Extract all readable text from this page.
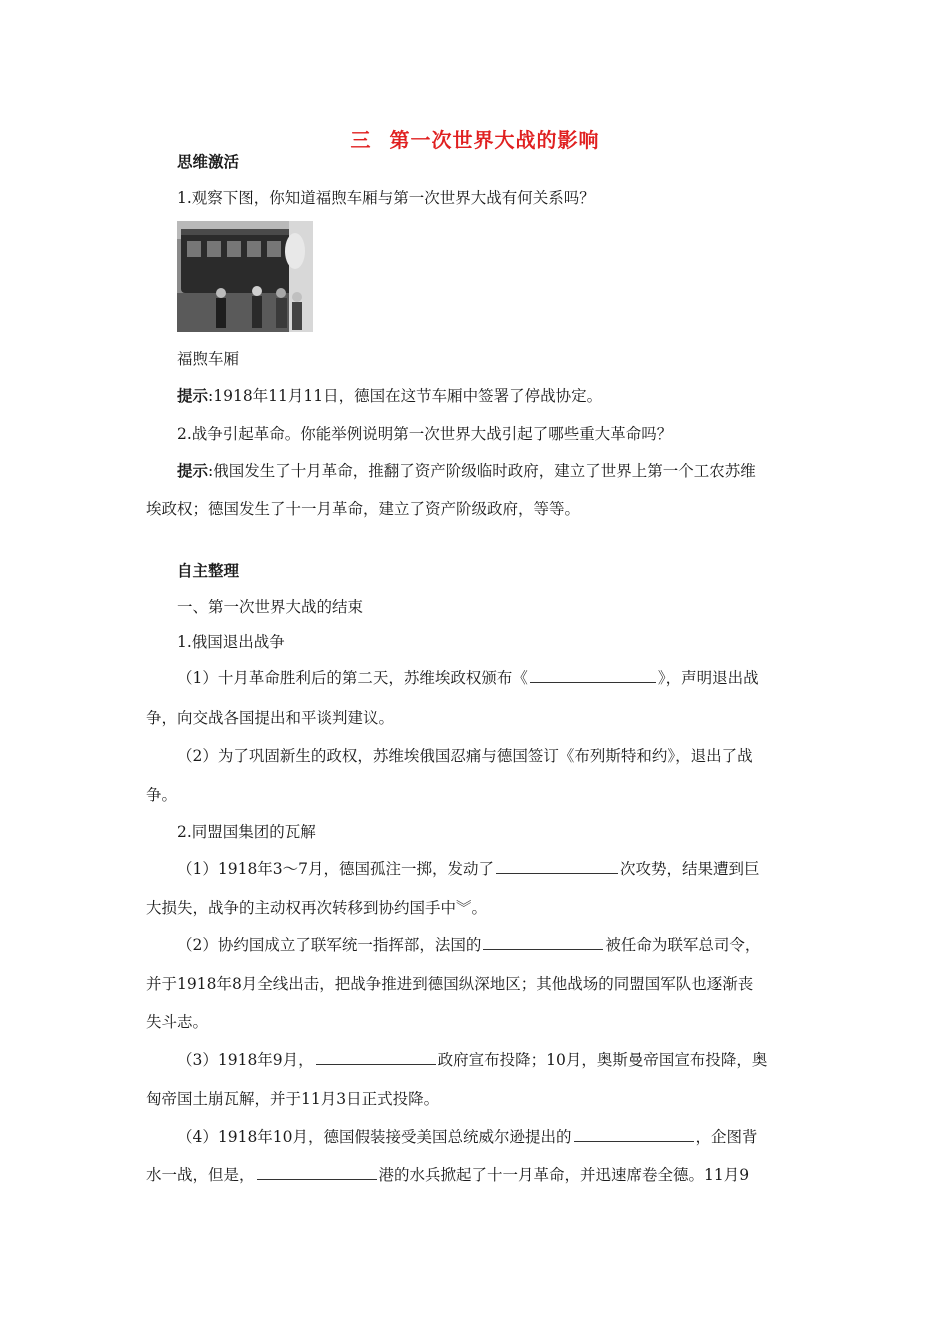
三 第一次世界大战的影响
思维激活
1.观察下图，你知道福煦车厢与第一次世界大战有何关系吗？
福煦车厢
提示:1918年11月11日，德国在这节车厢中签署了停战协定。
2.战争引起革命。你能举例说明第一次世界大战引起了哪些重大革命吗？
提示:俄国发生了十月革命，推翻了资产阶级临时政府，建立了世界上第一个工农苏维
埃政权；德国发生了十一月革命，建立了资产阶级政府，等等。
自主整理
一、第一次世界大战的结束
1.俄国退出战争
（1）十月革命胜利后的第二天，苏维埃政权颁布《	》，声明退出战
争，向交战各国提出和平谈判建议。
（2）为了巩固新生的政权，苏维埃俄国忍痛与德国签订《布列斯特和约》，退出了战
争。
2.同盟国集团的瓦解
（1）1918年3～7月，德国孤注一掷，发动了	次攻势，结果遭到巨
大损失，战争的主动权再次转移到协约国手中︾。
（2）协约国成立了联军统一指挥部，法国的	被任命为联军总司令，
并于1918年8月全线出击，把战争推进到德国纵深地区；其他战场的同盟国军队也逐渐丧
失斗志。
（3）1918年9月，	政府宣布投降；10月，奥斯曼帝国宣布投降，奥
匈帝国土崩瓦解，并于11月3日正式投降。
（4）1918年10月，德国假装接受美国总统威尔逊提出的	，企图背
水一战，但是，	港的水兵掀起了十一月革命，并迅速席卷全德。11月9
